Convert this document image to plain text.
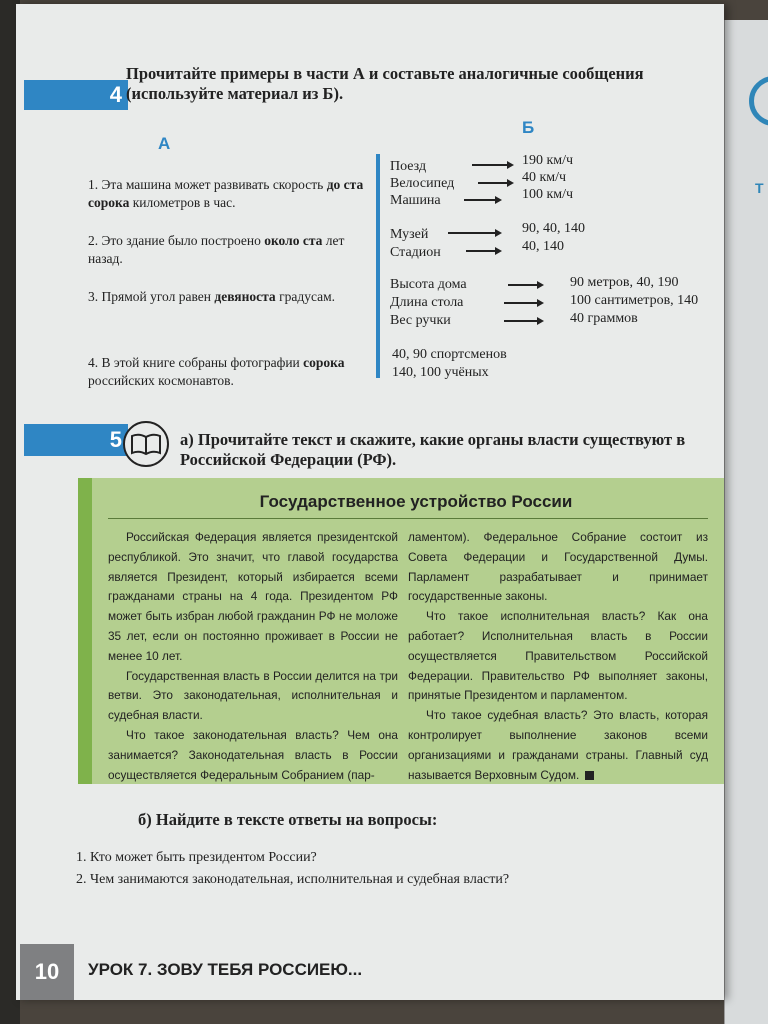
Т
4
Прочитайте примеры в части А и составьте аналогичные сообщения (используйте материал из Б).
А
Б
1. Эта машина может развивать скорость до ста сорока километров в час.
2. Это здание было построено около ста лет назад.
3. Прямой угол равен девяноста градусам.
4. В этой книге собраны фотографии сорока российских космонавтов.
Поезд
Велосипед
Машина
190 км/ч
40 км/ч
100 км/ч
Музей
Стадион
90, 40, 140
40, 140
Высота дома
Длина стола
Вес ручки
90 метров, 40, 190
100 сантиметров, 140
40 граммов
40, 90 спортсменов
140, 100 учёных
5	а) Прочитайте текст и скажите, какие органы власти существуют в Российской Федерации (РФ).
Государственное устройство России

Российская Федерация является президентской республикой. Это значит, что главой государства является Президент, который избирается всеми гражданами страны на 4 года. Президентом РФ может быть избран любой гражданин РФ не моложе 35 лет, если он постоянно проживает в России не менее 10 лет.

Государственная власть в России делится на три ветви. Это законодательная, исполнительная и судебная власти.

Что такое законодательная власть? Чем она занимается? Законодательная власть в России осуществляется Федеральным Собранием (пар-

ламентом). Федеральное Собрание состоит из Совета Федерации и Государственной Думы. Парламент разрабатывает и принимает государственные законы.

Что такое исполнительная власть? Как она работает? Исполнительная власть в России осуществляется Правительством Российской Федерации. Правительство РФ выполняет законы, принятые Президентом и парламентом.

Что такое судебная власть? Это власть, которая контролирует выполнение законов всеми организациями и гражданами страны. Главный суд называется Верховным Судом.

б) Найдите в тексте ответы на вопросы:
1. Кто может быть президентом России?
2. Чем занимаются законодательная, исполнительная и судебная власти?
10	УРОК 7. ЗОВУ ТЕБЯ РОССИЕЮ...
